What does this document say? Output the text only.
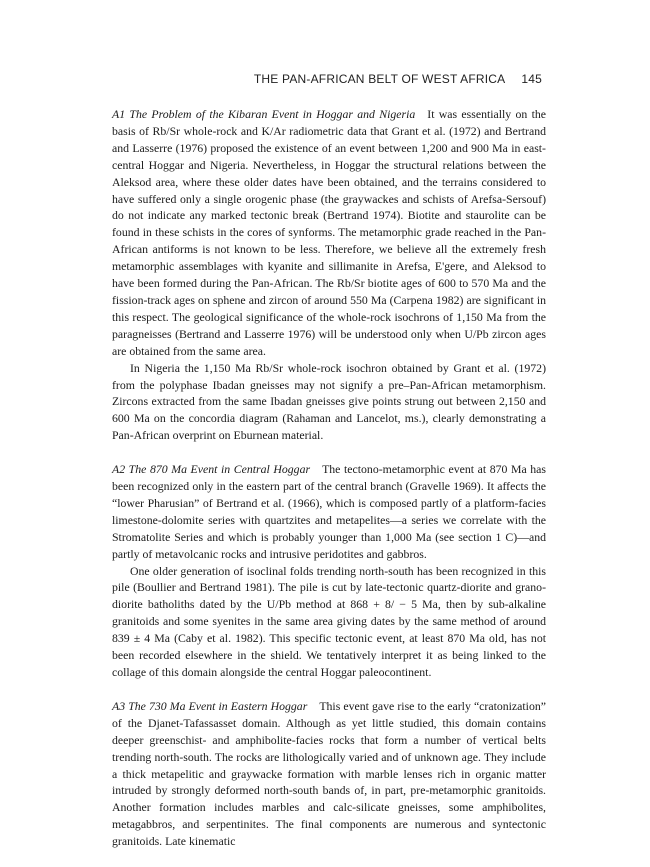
THE PAN-AFRICAN BELT OF WEST AFRICA 145

A1 The Problem of the Kibaran Event in Hoggar and Nigeria It was essentially on the basis of Rb/Sr whole-rock and K/Ar radiometric data that Grant et al. (1972) and Bertrand and Lasserre (1976) proposed the existence of an event between 1,200 and 900 Ma in east-central Hoggar and Nigeria. Nevertheless, in Hoggar the structural relations between the Aleksod area, where these older dates have been obtained, and the terrains considered to have suffered only a single orogenic phase (the graywackes and schists of Arefsa-Sersouf) do not indicate any marked tectonic break (Bertrand 1974). Biotite and staurolite can be found in these schists in the cores of synforms. The metamorphic grade reached in the Pan-African antiforms is not known to be less. Therefore, we believe all the extremely fresh metamorphic assemblages with kyanite and sillimanite in Arefsa, E'gere, and Aleksod to have been formed during the Pan-African. The Rb/Sr biotite ages of 600 to 570 Ma and the fission-track ages on sphene and zircon of around 550 Ma (Carpena 1982) are significant in this respect. The geological significance of the whole-rock isochrons of 1,150 Ma from the paragneisses (Bertrand and Lasserre 1976) will be understood only when U/Pb zircon ages are obtained from the same area.

In Nigeria the 1,150 Ma Rb/Sr whole-rock isochron obtained by Grant et al. (1972) from the polyphase Ibadan gneisses may not signify a pre–Pan-African metamorphism. Zircons extracted from the same Ibadan gneisses give points strung out between 2,150 and 600 Ma on the concordia diagram (Rahaman and Lancelot, ms.), clearly demonstrating a Pan-African overprint on Eburnean material.

A2 The 870 Ma Event in Central Hoggar The tectono-metamorphic event at 870 Ma has been recognized only in the eastern part of the central branch (Gravelle 1969). It affects the “lower Pharusian” of Bertrand et al. (1966), which is composed partly of a platform-facies limestone-dolomite series with quartzites and metapelites—a series we correlate with the Stromatolite Series and which is probably younger than 1,000 Ma (see section 1 C)—and partly of metavolcanic rocks and intrusive peridotites and gabbros.

One older generation of isoclinal folds trending north-south has been recognized in this pile (Boullier and Bertrand 1981). The pile is cut by late-tectonic quartz-diorite and grano-diorite batholiths dated by the U/Pb method at 868 + 8/ − 5 Ma, then by sub-alkaline granitoids and some syenites in the same area giving dates by the same method of around 839 ± 4 Ma (Caby et al. 1982). This specific tectonic event, at least 870 Ma old, has not been recorded elsewhere in the shield. We tentatively interpret it as being linked to the collage of this domain alongside the central Hoggar paleocontinent.

A3 The 730 Ma Event in Eastern Hoggar This event gave rise to the early “cratonization” of the Djanet-Tafassasset domain. Although as yet little studied, this domain contains deeper greenschist- and amphibolite-facies rocks that form a number of vertical belts trending north-south. The rocks are lithologically varied and of unknown age. They include a thick metapelitic and graywacke formation with marble lenses rich in organic matter intruded by strongly deformed north-south bands of, in part, pre-metamorphic granitoids. Another formation includes marbles and calc-silicate gneisses, some amphibolites, metagabbros, and serpentinites. The final components are numerous and syntectonic granitoids. Late kinematic
